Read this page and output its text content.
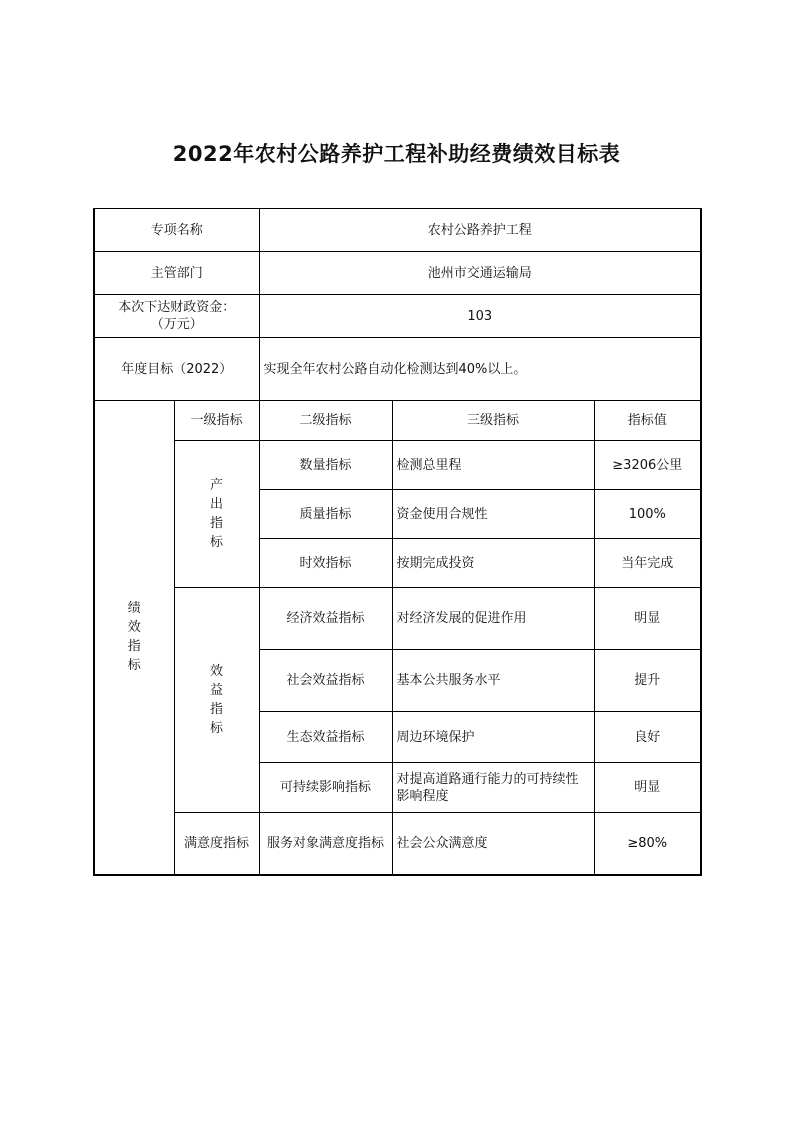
2022年农村公路养护工程补助经费绩效目标表
专项名称		农村公路养护工程		
主管部门		池州市交通运输局		

本次下达财政资金：
（万元）		103		
年度目标（2022）		实现全年农村公路自动化检测达到40%以上。		
绩效指标	一级指标	二级指标	三级指标	指标值
	产出指标	数量指标	检测总里程	≥3206公里
		质量指标	资金使用合规性	100%
		时效指标	按期完成投资	当年完成
	效益指标	经济效益指标	对经济发展的促进作用	明显
		社会效益指标	基本公共服务水平	提升
		生态效益指标	周边环境保护	良好
		可持续影响指标	对提高道路通行能力的可持续性影响程度	明显
	满意度指标	服务对象满意度指标	社会公众满意度	≥80%
